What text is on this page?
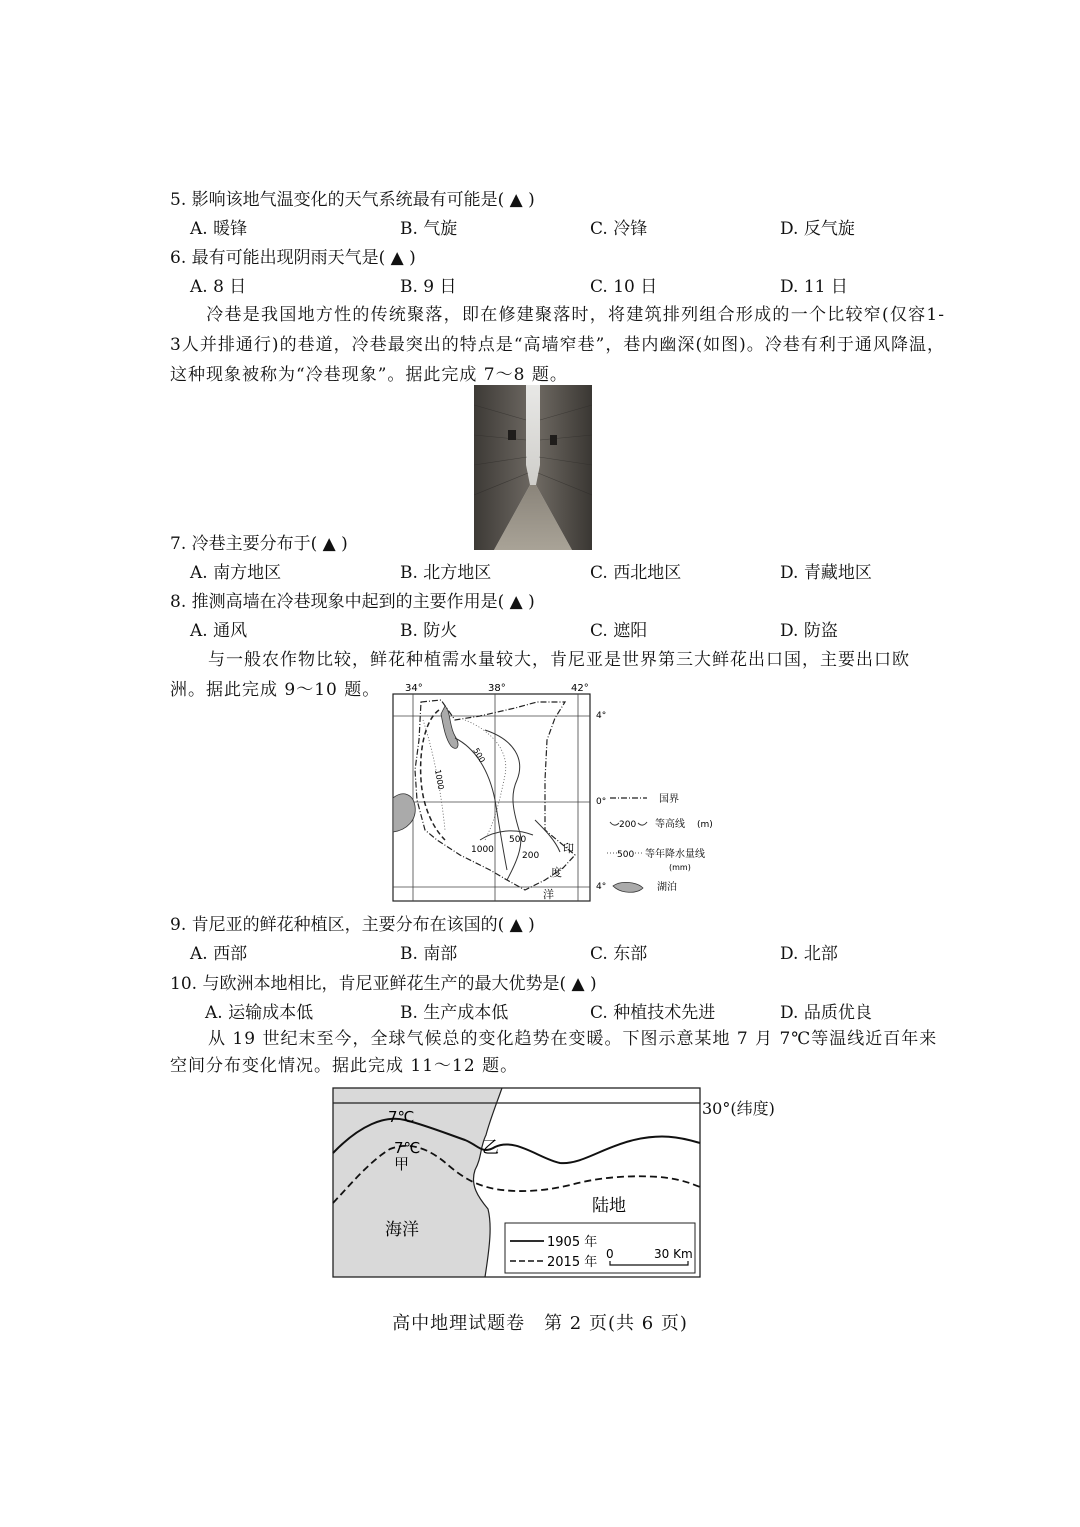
5. 影响该地气温变化的天气系统最有可能是( ▲ )
A. 暖锋	B. 气旋	C. 冷锋	D. 反气旋
6. 最有可能出现阴雨天气是( ▲ )
A. 8 日	B. 9 日	C. 10 日	D. 11 日
冷巷是我国地方性的传统聚落，即在修建聚落时，将建筑排列组合形成的一个比较窄(仅容1-3人并排通行)的巷道，冷巷最突出的特点是“高墙窄巷”，巷内幽深(如图)。冷巷有利于通风降温，这种现象被称为“冷巷现象”。据此完成 7～8 题。
7. 冷巷主要分布于( ▲ )
A. 南方地区	B. 北方地区	C. 西北地区	D. 青藏地区
8. 推测高墙在冷巷现象中起到的主要作用是( ▲ )
A. 通风	B. 防火	C. 遮阳	D. 防盗
与一般农作物比较，鲜花种植需水量较大，肯尼亚是世界第三大鲜花出口国，主要出口欧
洲。据此完成 9～10 题。 34°	38°	42°
4°
0°
4°
1000
500
1000
500
200
印
度
洋
国界
200 等高线 (m)
500 等年降水量线
(mm)
湖泊
9. 肯尼亚的鲜花种植区，主要分布在该国的( ▲ )
A. 西部	B. 南部	C. 东部	D. 北部
10. 与欧洲本地相比，肯尼亚鲜花生产的最大优势是( ▲ )
A. 运输成本低	B. 生产成本低	C. 种植技术先进	D. 品质优良
从 19 世纪末至今，全球气候总的变化趋势在变暖。下图示意某地 7 月 7℃等温线近百年来
空间分布变化情况。据此完成 11～12 题。
7℃
7℃
甲
乙
陆地
海洋
1905 年
2015 年
0	30 Km
30°(纬度)
高中地理试题卷　第 2 页(共 6 页)
